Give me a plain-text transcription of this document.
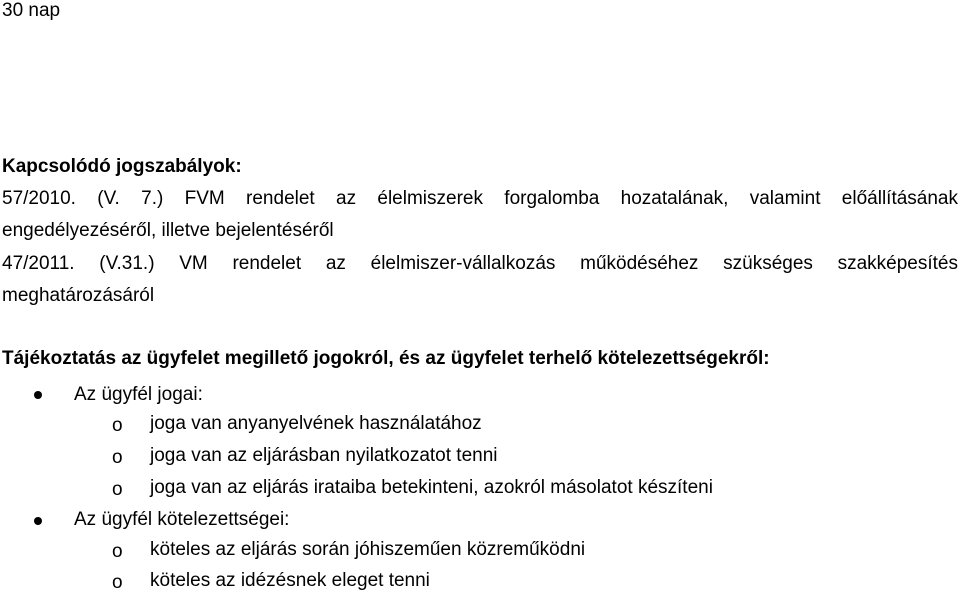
30 nap
Kapcsolódó jogszabályok:
57/2010. (V. 7.) FVM rendelet az élelmiszerek forgalomba hozatalának, valamint előállításának
engedélyezéséről, illetve bejelentéséről
47/2011. (V.31.) VM rendelet az élelmiszer-vállalkozás működéséhez szükséges szakképesítés
meghatározásáról
Tájékoztatás az ügyfelet megillető jogokról, és az ügyfelet terhelő kötelezettségekről:
Az ügyfél jogai:
o joga van anyanyelvének használatához
o joga van az eljárásban nyilatkozatot tenni
o joga van az eljárás irataiba betekinteni, azokról másolatot készíteni
Az ügyfél kötelezettségei:
o köteles az eljárás során jóhiszeműen közreműködni
o köteles az idézésnek eleget tenni
